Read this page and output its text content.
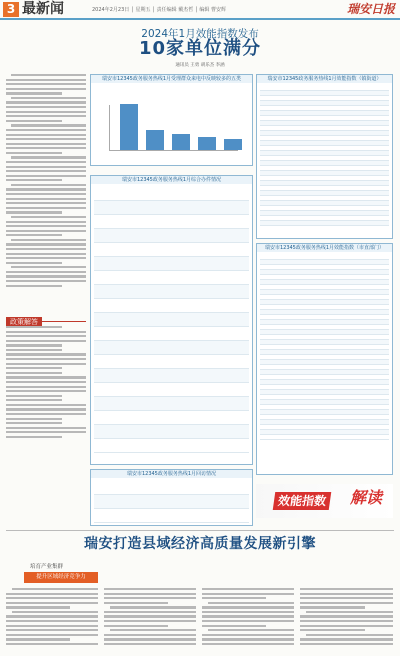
3 最新闻	2024年2月23日 │ 星期五 │ 责任编辑 戴杰哲 │ 编辑 曹安辉	瑞安日报
2024年1月效能指数发布
10家单位满分
通讯员 王勇 胡乐杰 李涵
政策解答
瑞安市12345政务服务热线1月受理群众来电中反映较多的五类
瑞安市12345政务服务热线1月综合办件情况
瑞安市12345政务服务热线1月回访情况
瑞安市12345政务服务热线1月效能指数（镇街道）
瑞安市12345政务服务热线1月效能指数（市直部门）
效能指数 解读
瑞安打造县域经济高质量发展新引擎
培育产业集群
提升区域经济竞争力
